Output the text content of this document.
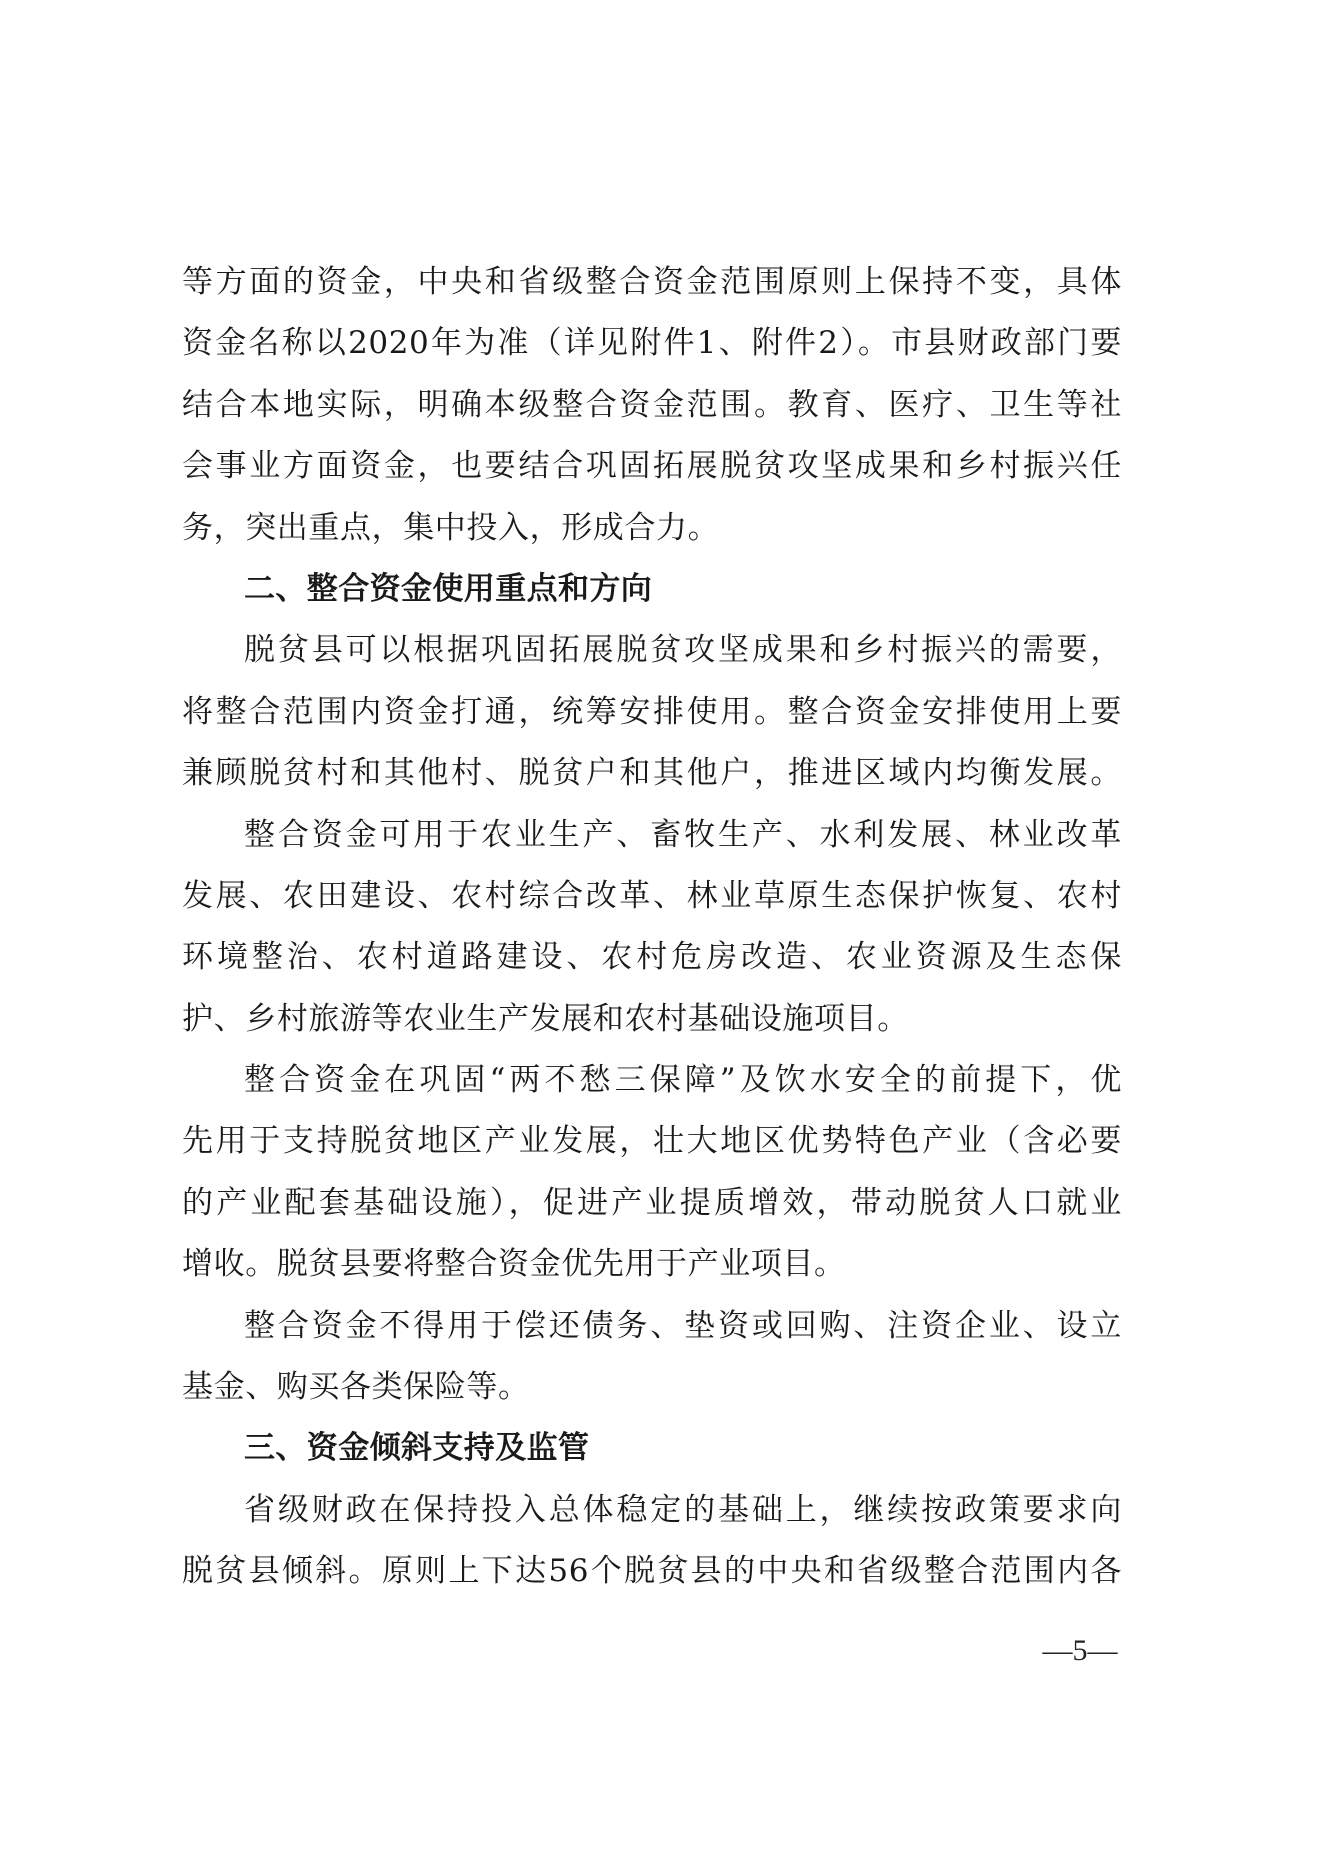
等方面的资金，中央和省级整合资金范围原则上保持不变，具体
资金名称以2020年为准（详见附件1、附件2）。市县财政部门要
结合本地实际，明确本级整合资金范围。教育、医疗、卫生等社
会事业方面资金，也要结合巩固拓展脱贫攻坚成果和乡村振兴任
务，突出重点，集中投入，形成合力。
二、整合资金使用重点和方向
脱贫县可以根据巩固拓展脱贫攻坚成果和乡村振兴的需要，
将整合范围内资金打通，统筹安排使用。整合资金安排使用上要
兼顾脱贫村和其他村、脱贫户和其他户，推进区域内均衡发展。
整合资金可用于农业生产、畜牧生产、水利发展、林业改革
发展、农田建设、农村综合改革、林业草原生态保护恢复、农村
环境整治、农村道路建设、农村危房改造、农业资源及生态保
护、乡村旅游等农业生产发展和农村基础设施项目。
整合资金在巩固“两不愁三保障”及饮水安全的前提下，优
先用于支持脱贫地区产业发展，壮大地区优势特色产业（含必要
的产业配套基础设施），促进产业提质增效，带动脱贫人口就业
增收。脱贫县要将整合资金优先用于产业项目。
整合资金不得用于偿还债务、垫资或回购、注资企业、设立
基金、购买各类保险等。
三、资金倾斜支持及监管
省级财政在保持投入总体稳定的基础上，继续按政策要求向
脱贫县倾斜。原则上下达56个脱贫县的中央和省级整合范围内各
—5—
